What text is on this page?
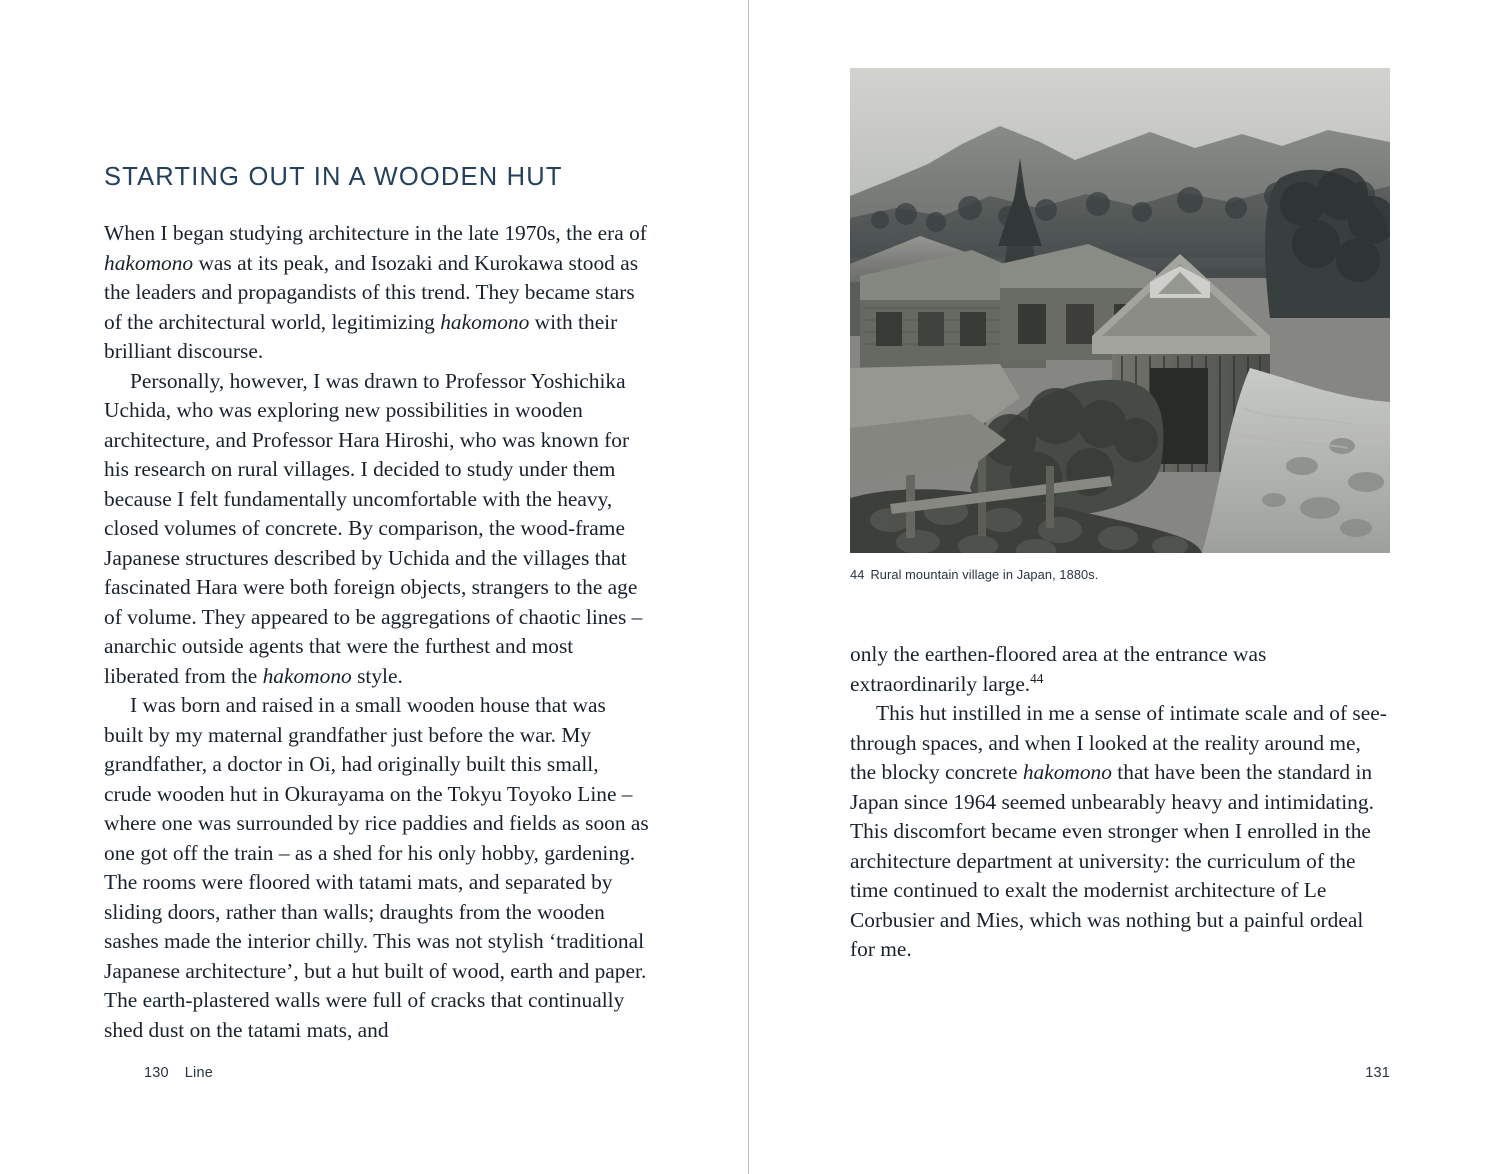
STARTING OUT IN A WOODEN HUT

When I began studying architecture in the late 1970s, the era of hakomono was at its peak, and Isozaki and Kurokawa stood as the leaders and propagandists of this trend. They became stars of the architectural world, legitimizing hakomono with their brilliant discourse.

Personally, however, I was drawn to Professor Yoshichika Uchida, who was exploring new possibilities in wooden architecture, and Professor Hara Hiroshi, who was known for his research on rural villages. I decided to study under them because I felt fundamentally uncomfortable with the heavy, closed volumes of concrete. By comparison, the wood-frame Japanese structures described by Uchida and the villages that fascinated Hara were both foreign objects, strangers to the age of volume. They appeared to be aggregations of chaotic lines – anarchic outside agents that were the furthest and most liberated from the hakomono style.

I was born and raised in a small wooden house that was built by my maternal grandfather just before the war. My grandfather, a doctor in Oi, had originally built this small, crude wooden hut in Okurayama on the Tokyu Toyoko Line – where one was surrounded by rice paddies and fields as soon as one got off the train – as a shed for his only hobby, gardening. The rooms were floored with tatami mats, and separated by sliding doors, rather than walls; draughts from the wooden sashes made the interior chilly. This was not stylish ‘traditional Japanese architecture’, but a hut built of wood, earth and paper. The earth-plastered walls were full of cracks that continually shed dust on the tatami mats, and

130 Line
44 Rural mountain village in Japan, 1880s.

only the earthen-floored area at the entrance was extraordinarily large.$^{44}$

This hut instilled in me a sense of intimate scale and of see-through spaces, and when I looked at the reality around me, the blocky concrete hakomono that have been the standard in Japan since 1964 seemed unbearably heavy and intimidating. This discomfort became even stronger when I enrolled in the architecture department at university: the curriculum of the time continued to exalt the modernist architecture of Le Corbusier and Mies, which was nothing but a painful ordeal for me.

131
